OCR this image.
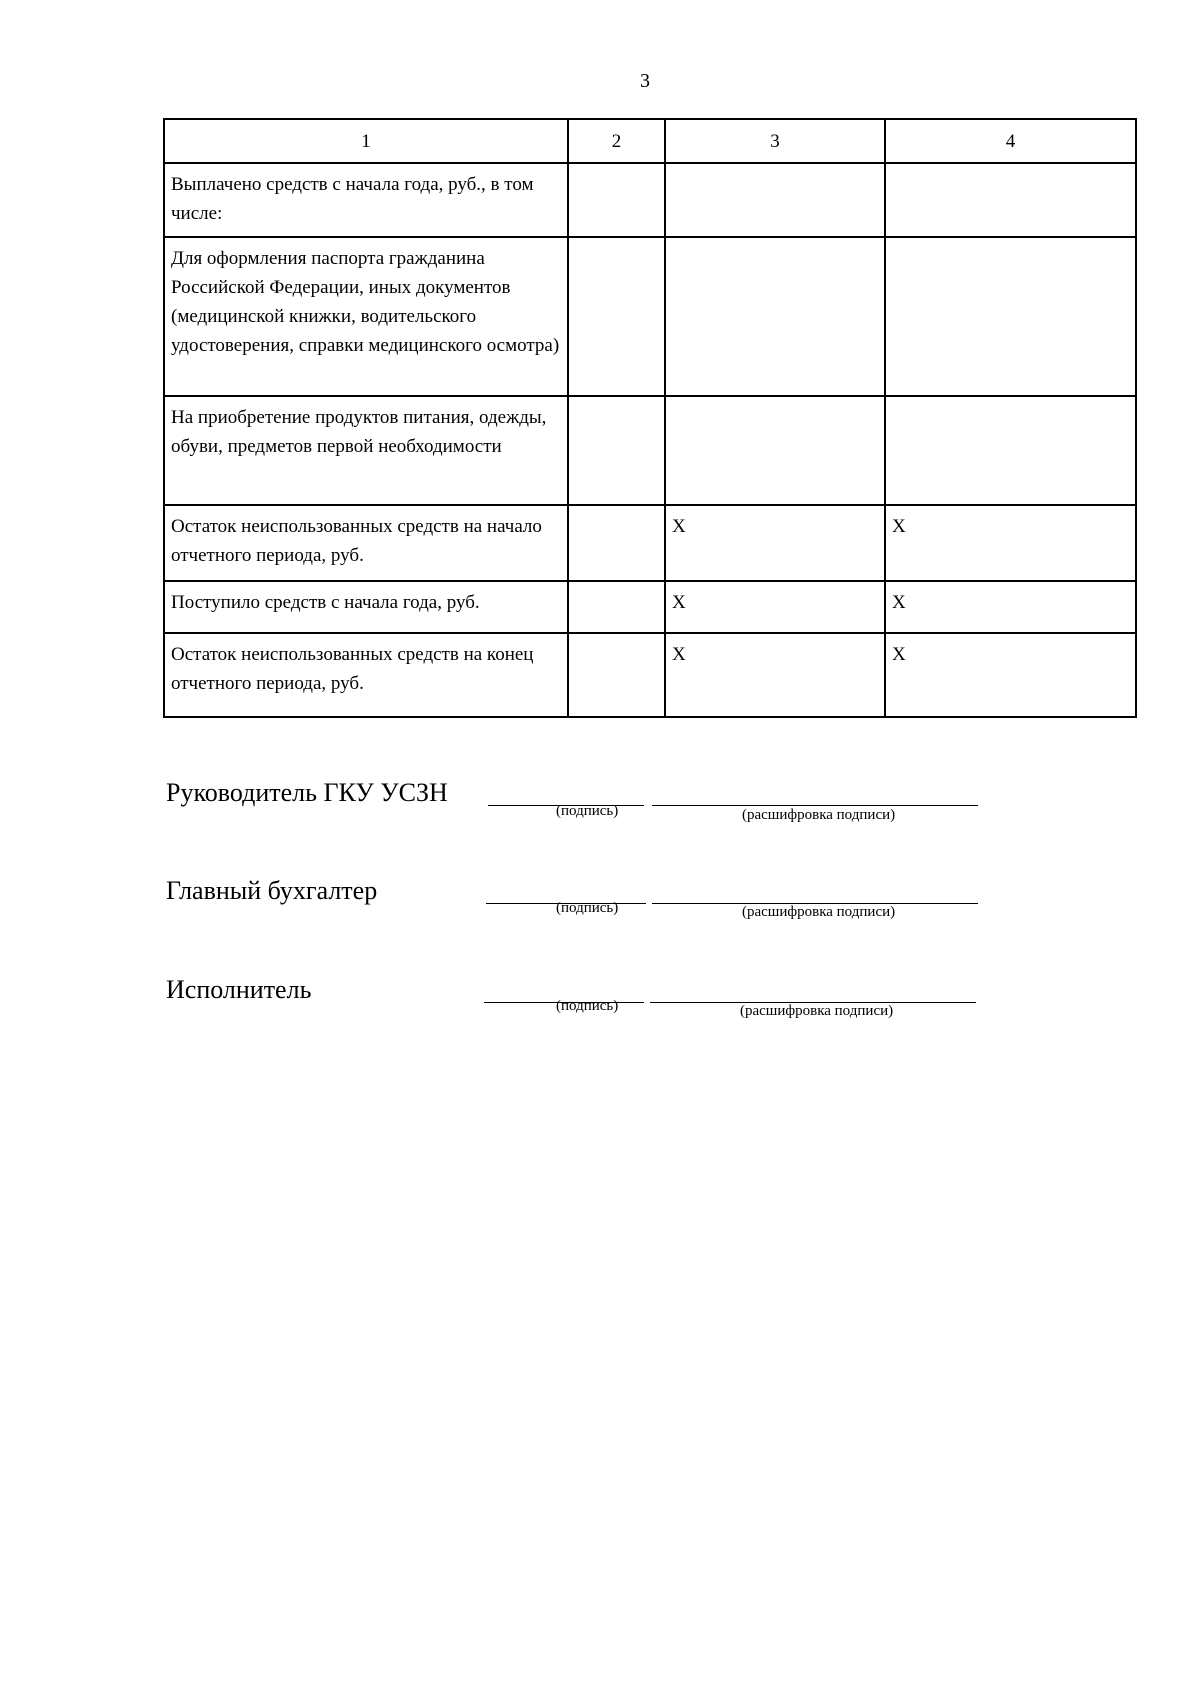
3
1	2	3	4
Выплачено средств с начала года, руб., в том числе:			
Для оформления паспорта гражданина Российской Федерации, иных документов (медицинской книжки, водительского удостоверения, справки медицинского осмотра)			
На приобретение продуктов питания, одежды, обуви, предметов первой необходимости			
Остаток неиспользованных средств на начало отчетного периода, руб.		X	X
Поступило средств с начала года, руб.		X	X
Остаток неиспользованных средств на конец отчетного периода, руб.		X	X
Руководитель ГКУ УСЗН
(подпись)	(расшифровка подписи)
Главный бухгалтер
(подпись)	(расшифровка подписи)
Исполнитель
(подпись)	(расшифровка подписи)
